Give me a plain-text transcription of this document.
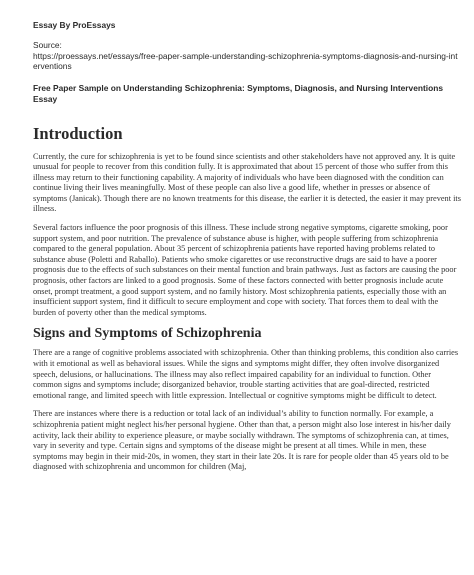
Essay By ProEssays
Source:
https://proessays.net/essays/free-paper-sample-understanding-schizophrenia-symptoms-diagnosis-and-nursing-interventions
Free Paper Sample on Understanding Schizophrenia: Symptoms, Diagnosis, and Nursing Interventions Essay
Introduction

Currently, the cure for schizophrenia is yet to be found since scientists and other stakeholders have not approved any. It is quite unusual for people to recover from this condition fully. It is approximated that about 15 percent of those who suffer from this illness may return to their functioning capability. A majority of individuals who have been diagnosed with the condition can continue living their lives meaningfully. Most of these people can also live a good life, whether in presses or absence of symptoms (Janicak). Though there are no known treatments for this disease, the earlier it is detected, the easier it may prevent its illness.

Several factors influence the poor prognosis of this illness. These include strong negative symptoms, cigarette smoking, poor support system, and poor nutrition. The prevalence of substance abuse is higher, with people suffering from schizophrenia compared to the general population. About 35 percent of schizophrenia patients have reported having problems related to substance abuse (Poletti and Raballo). Patients who smoke cigarettes or use reconstructive drugs are said to have a poorer prognosis due to the effects of such substances on their mental function and brain pathways. Just as factors are causing the poor prognosis, other factors are linked to a good prognosis. Some of these factors connected with better prognosis include acute onset, prompt treatment, a good support system, and no family history. Most schizophrenia patients, especially those with an insufficient support system, find it difficult to secure employment and cope with society. That forces them to deal with the burden of poverty other than the medical symptoms.

Signs and Symptoms of Schizophrenia

There are a range of cognitive problems associated with schizophrenia. Other than thinking problems, this condition also carries with it emotional as well as behavioral issues. While the signs and symptoms might differ, they often involve disorganized speech, delusions, or hallucinations. The illness may also reflect impaired capability for an individual to function. Other common signs and symptoms include; disorganized behavior, trouble starting activities that are goal-directed, restricted emotional range, and limited speech with little expression. Intellectual or cognitive symptoms might be difficult to detect.

There are instances where there is a reduction or total lack of an individual’s ability to function normally. For example, a schizophrenia patient might neglect his/her personal hygiene. Other than that, a person might also lose interest in his/her daily activity, lack their ability to experience pleasure, or maybe socially withdrawn. The symptoms of schizophrenia can, at times, vary in severity and type. Certain signs and symptoms of the disease might be present at all times. While in men, these symptoms may begin in their mid-20s, in women, they start in their late 20s. It is rare for people older than 45 years old to be diagnosed with schizophrenia and uncommon for children (Maj,
